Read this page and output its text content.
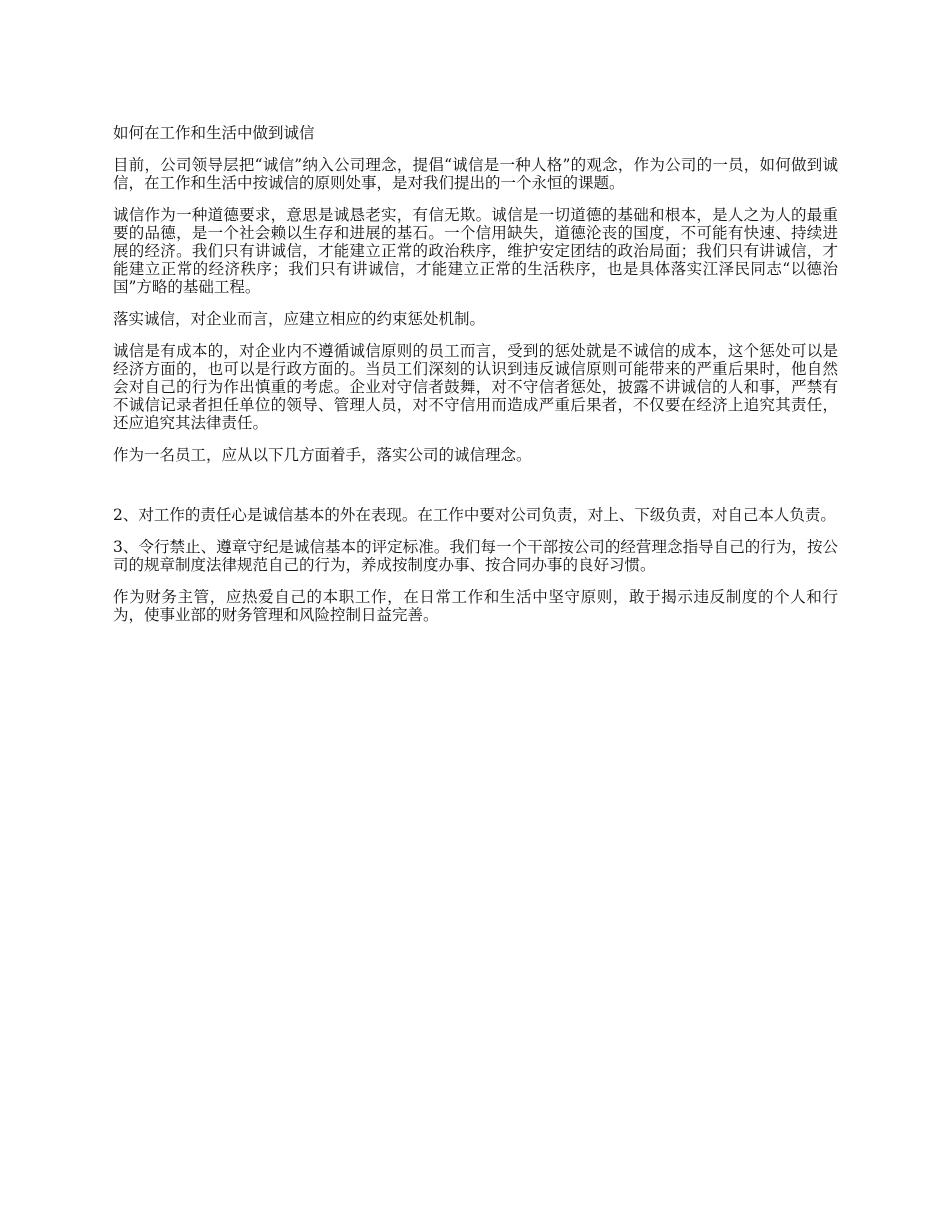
如何在工作和生活中做到诚信

目前，公司领导层把“诚信”纳入公司理念，提倡“诚信是一种人格”的观念，作为公司的一员，如何做到诚信，在工作和生活中按诚信的原则处事，是对我们提出的一个永恒的课题。

诚信作为一种道德要求，意思是诚恳老实，有信无欺。诚信是一切道德的基础和根本，是人之为人的最重要的品德，是一个社会赖以生存和进展的基石。一个信用缺失，道德沦丧的国度，不可能有快速、持续进展的经济。我们只有讲诚信，才能建立正常的政治秩序，维护安定团结的政治局面；我们只有讲诚信，才能建立正常的经济秩序；我们只有讲诚信，才能建立正常的生活秩序，也是具体落实江泽民同志“以德治国”方略的基础工程。

落实诚信，对企业而言，应建立相应的约束惩处机制。

诚信是有成本的，对企业内不遵循诚信原则的员工而言，受到的惩处就是不诚信的成本，这个惩处可以是经济方面的，也可以是行政方面的。当员工们深刻的认识到违反诚信原则可能带来的严重后果时，他自然会对自己的行为作出慎重的考虑。企业对守信者鼓舞，对不守信者惩处，披露不讲诚信的人和事，严禁有不诚信记录者担任单位的领导、管理人员，对不守信用而造成严重后果者，不仅要在经济上追究其责任，还应追究其法律责任。

作为一名员工，应从以下几方面着手，落实公司的诚信理念。

2、对工作的责任心是诚信基本的外在表现。在工作中要对公司负责，对上、下级负责，对自己本人负责。

3、令行禁止、遵章守纪是诚信基本的评定标准。我们每一个干部按公司的经营理念指导自己的行为，按公司的规章制度法律规范自己的行为，养成按制度办事、按合同办事的良好习惯。

作为财务主管，应热爱自己的本职工作，在日常工作和生活中坚守原则，敢于揭示违反制度的个人和行为，使事业部的财务管理和风险控制日益完善。
